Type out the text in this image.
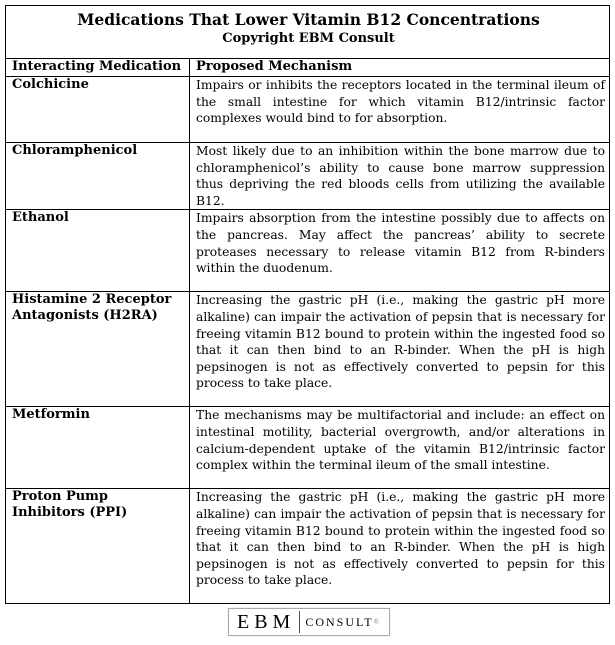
Medications That Lower Vitamin B12 Concentrations
Copyright EBM Consult	

Interacting Medication	Proposed Mechanism
Colchicine	Impairs or inhibits the receptors located in the terminal ileum of the small intestine for which vitamin B12/intrinsic factor complexes would bind to for absorption.
Chloramphenicol	Most likely due to an inhibition within the bone marrow due to chloramphenicol’s ability to cause bone marrow suppression thus depriving the red bloods cells from utilizing the available B12.
Ethanol	Impairs absorption from the intestine possibly due to affects on the pancreas. May affect the pancreas’ ability to secrete proteases necessary to release vitamin B12 from R-binders within the duodenum.
Histamine 2 Receptor Antagonists (H2RA)	Increasing the gastric pH (i.e., making the gastric pH more alkaline) can impair the activation of pepsin that is necessary for freeing vitamin B12 bound to protein within the ingested food so that it can then bind to an R-binder. When the pH is high pepsinogen is not as effectively converted to pepsin for this process to take place.
Metformin	The mechanisms may be multifactorial and include: an effect on intestinal motility, bacterial overgrowth, and/or alterations in calcium-dependent uptake of the vitamin B12/intrinsic factor complex within the terminal ileum of the small intestine.
Proton Pump Inhibitors (PPI)	Increasing the gastric pH (i.e., making the gastric pH more alkaline) can impair the activation of pepsin that is necessary for freeing vitamin B12 bound to protein within the ingested food so that it can then bind to an R-binder. When the pH is high pepsinogen is not as effectively converted to pepsin for this process to take place.
EBM CONSULT ®
